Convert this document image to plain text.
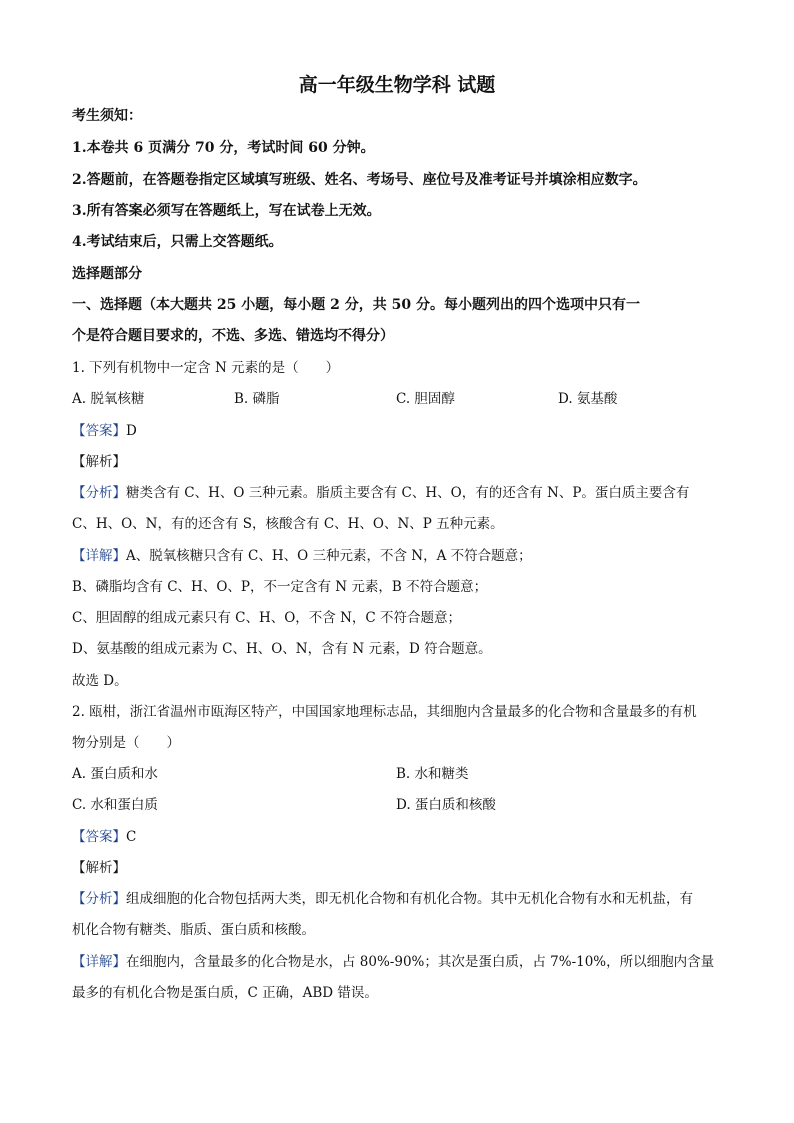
高一年级生物学科 试题
考生须知：
1.本卷共 6 页满分 70 分，考试时间 60 分钟。
2.答题前，在答题卷指定区域填写班级、姓名、考场号、座位号及准考证号并填涂相应数字。
3.所有答案必须写在答题纸上，写在试卷上无效。
4.考试结束后，只需上交答题纸。
选择题部分
一、选择题（本大题共 25 小题，每小题 2 分，共 50 分。每小题列出的四个选项中只有一
个是符合题目要求的，不选、多选、错选均不得分）
1. 下列有机物中一定含 N 元素的是（　　）
A. 脱氧核糖	B. 磷脂	C. 胆固醇	D. 氨基酸
【答案】D
【解析】
【分析】糖类含有 C、H、O 三种元素。脂质主要含有 C、H、O，有的还含有 N、P。蛋白质主要含有
C、H、O、N，有的还含有 S，核酸含有 C、H、O、N、P 五种元素。
【详解】A、脱氧核糖只含有 C、H、O 三种元素，不含 N，A 不符合题意；
B、磷脂均含有 C、H、O、P，不一定含有 N 元素，B 不符合题意；
C、胆固醇的组成元素只有 C、H、O，不含 N，C 不符合题意；
D、氨基酸的组成元素为 C、H、O、N，含有 N 元素，D 符合题意。
故选 D。
2. 瓯柑，浙江省温州市瓯海区特产，中国国家地理标志品，其细胞内含量最多的化合物和含量最多的有机
物分别是（　　）
A. 蛋白质和水	B. 水和糖类
C. 水和蛋白质	D. 蛋白质和核酸
【答案】C
【解析】
【分析】组成细胞的化合物包括两大类，即无机化合物和有机化合物。其中无机化合物有水和无机盐，有
机化合物有糖类、脂质、蛋白质和核酸。
【详解】在细胞内，含量最多的化合物是水，占 80%-90%；其次是蛋白质，占 7%-10%，所以细胞内含量
最多的有机化合物是蛋白质，C 正确，ABD 错误。
